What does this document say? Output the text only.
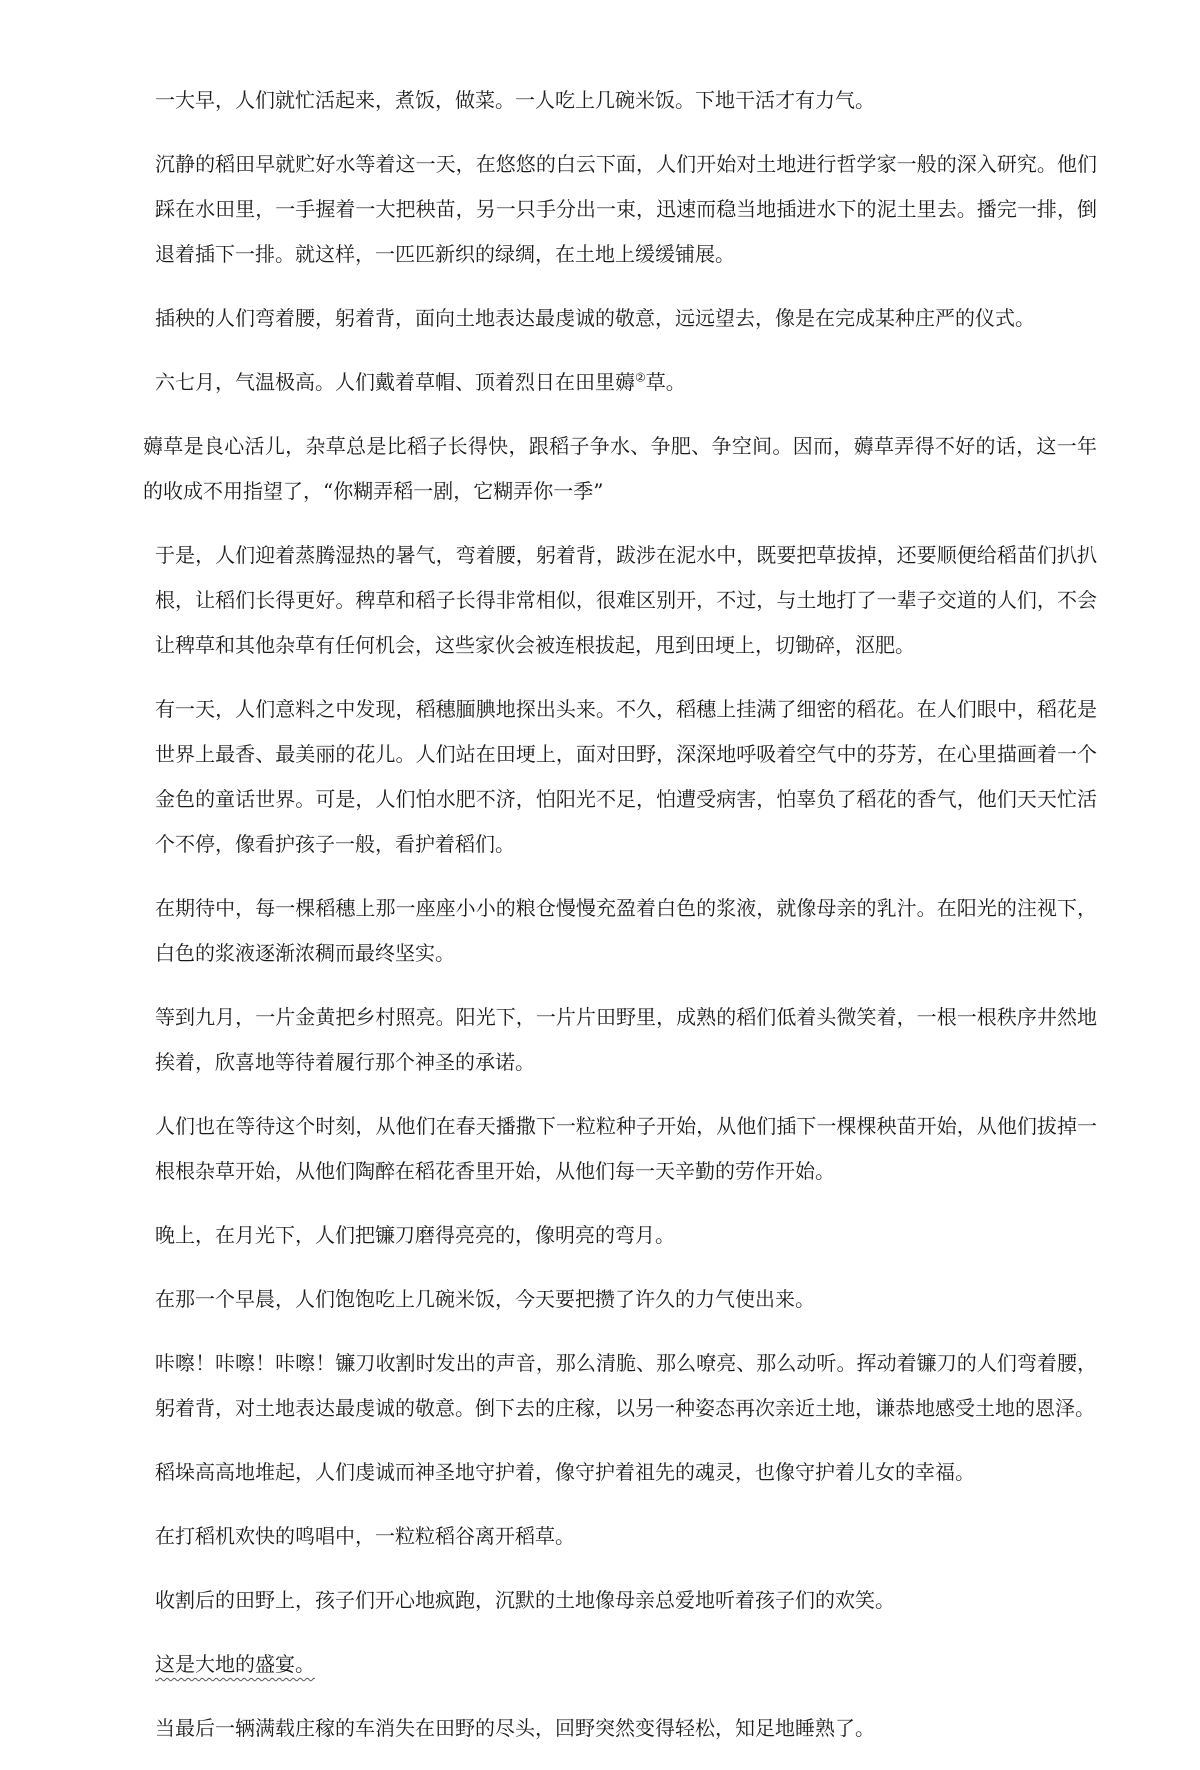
一大早，人们就忙活起来，煮饭，做菜。一人吃上几碗米饭。下地干活才有力气。

沉静的稻田早就贮好水等着这一天，在悠悠的白云下面，人们开始对土地进行哲学家一般的深入研究。他们踩在水田里，一手握着一大把秧苗，另一只手分出一束，迅速而稳当地插进水下的泥土里去。播完一排，倒退着插下一排。就这样，一匹匹新织的绿绸，在土地上缓缓铺展。

插秧的人们弯着腰，躬着背，面向土地表达最虔诚的敬意，远远望去，像是在完成某种庄严的仪式。

六七月，气温极高。人们戴着草帽、顶着烈日在田里薅②草。

薅草是良心活儿，杂草总是比稻子长得快，跟稻子争水、争肥、争空间。因而，薅草弄得不好的话，这一年的收成不用指望了，“你糊弄稻一剧，它糊弄你一季”

于是，人们迎着蒸腾湿热的暑气，弯着腰，躬着背，跋涉在泥水中，既要把草拔掉，还要顺便给稻苗们扒扒根，让稻们长得更好。稗草和稻子长得非常相似，很难区别开，不过，与土地打了一辈子交道的人们，不会让稗草和其他杂草有任何机会，这些家伙会被连根拔起，甩到田埂上，切锄碎，沤肥。

有一天，人们意料之中发现，稻穗腼腆地探出头来。不久，稻穗上挂满了细密的稻花。在人们眼中，稻花是世界上最香、最美丽的花儿。人们站在田埂上，面对田野，深深地呼吸着空气中的芬芳，在心里描画着一个金色的童话世界。可是，人们怕水肥不济，怕阳光不足，怕遭受病害，怕辜负了稻花的香气，他们天天忙活个不停，像看护孩子一般，看护着稻们。

在期待中，每一棵稻穗上那一座座小小的粮仓慢慢充盈着白色的浆液，就像母亲的乳汁。在阳光的注视下，白色的浆液逐渐浓稠而最终坚实。

等到九月，一片金黄把乡村照亮。阳光下，一片片田野里，成熟的稻们低着头微笑着，一根一根秩序井然地挨着，欣喜地等待着履行那个神圣的承诺。

人们也在等待这个时刻，从他们在春天播撒下一粒粒种子开始，从他们插下一棵棵秧苗开始，从他们拔掉一根根杂草开始，从他们陶醉在稻花香里开始，从他们每一天辛勤的劳作开始。

晚上，在月光下，人们把镰刀磨得亮亮的，像明亮的弯月。

在那一个早晨，人们饱饱吃上几碗米饭，今天要把攒了许久的力气使出来。

咔嚓！咔嚓！咔嚓！镰刀收割时发出的声音，那么清脆、那么嘹亮、那么动听。挥动着镰刀的人们弯着腰，躬着背，对土地表达最虔诚的敬意。倒下去的庄稼，以另一种姿态再次亲近土地，谦恭地感受土地的恩泽。

稻垛高高地堆起，人们虔诚而神圣地守护着，像守护着祖先的魂灵，也像守护着儿女的幸福。

在打稻机欢快的鸣唱中，一粒粒稻谷离开稻草。

收割后的田野上，孩子们开心地疯跑，沉默的土地像母亲总爱地听着孩子们的欢笑。

这是大地的盛宴。

当最后一辆满载庄稼的车消失在田野的尽头，回野突然变得轻松，知足地睡熟了。
